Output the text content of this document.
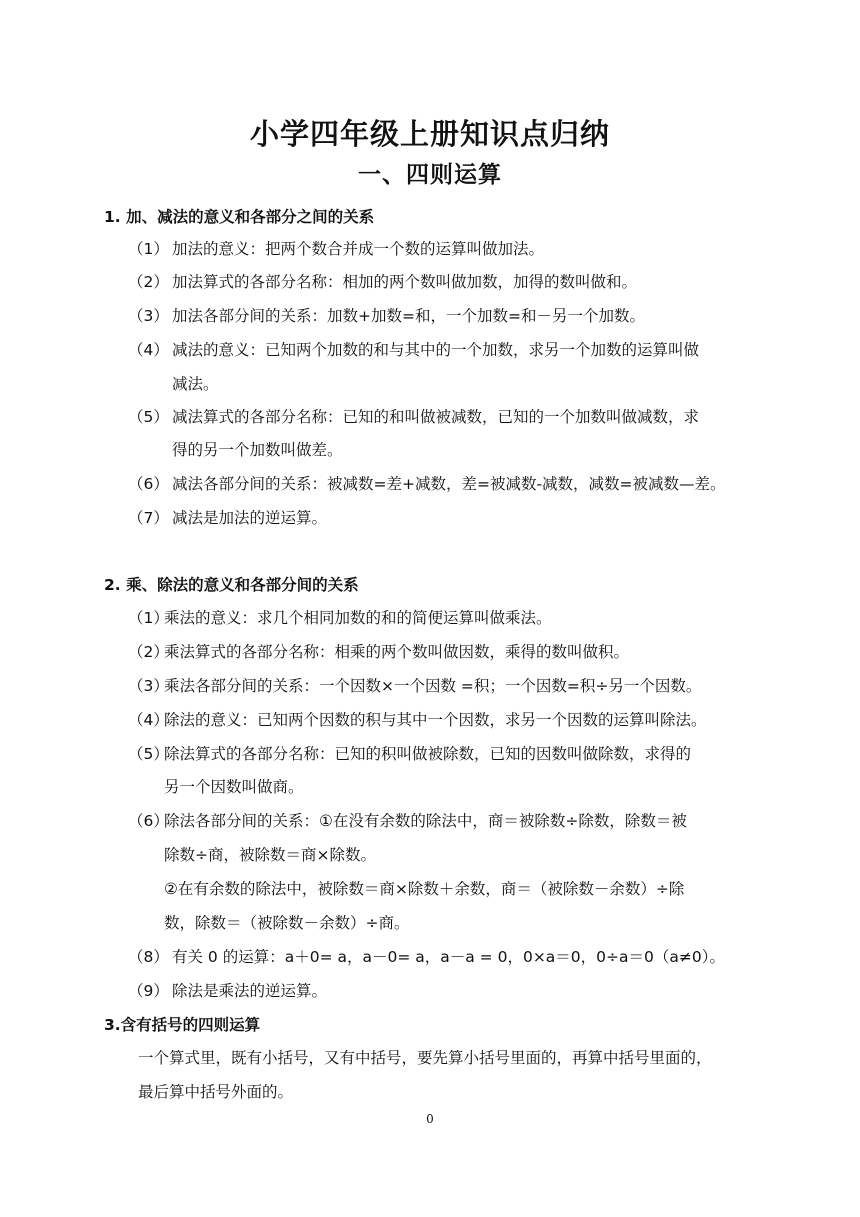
小学四年级上册知识点归纳
一、四则运算
1. 加、减法的意义和各部分之间的关系
（1） 加法的意义：把两个数合并成一个数的运算叫做加法。
（2） 加法算式的各部分名称：相加的两个数叫做加数，加得的数叫做和。
（3） 加法各部分间的关系：加数+加数=和，一个加数=和－另一个加数。
（4） 减法的意义：已知两个加数的和与其中的一个加数，求另一个加数的运算叫做
减法。
（5） 减法算式的各部分名称：已知的和叫做被减数，已知的一个加数叫做减数，求
得的另一个加数叫做差。
（6） 减法各部分间的关系：被减数=差+减数，差=被减数-减数，减数=被减数—差。
（7） 减法是加法的逆运算。
2. 乘、除法的意义和各部分间的关系
（1）乘法的意义：求几个相同加数的和的简便运算叫做乘法。
（2）乘法算式的各部分名称：相乘的两个数叫做因数，乘得的数叫做积。
（3）乘法各部分间的关系：一个因数×一个因数 =积；一个因数=积÷另一个因数。
（4）除法的意义：已知两个因数的积与其中一个因数，求另一个因数的运算叫除法。
（5）除法算式的各部分名称：已知的积叫做被除数，已知的因数叫做除数，求得的
另一个因数叫做商。
（6）除法各部分间的关系：①在没有余数的除法中，商＝被除数÷除数，除数＝被
除数÷商，被除数＝商×除数。
②在有余数的除法中，被除数＝商×除数＋余数，商＝（被除数－余数）÷除
数，除数＝（被除数－余数）÷商。
（8） 有关 0 的运算：a＋0= a，a－0= a，a－a = 0，0×a＝0，0÷a＝0（a≠0）。
（9） 除法是乘法的逆运算。
3.含有括号的四则运算
一个算式里，既有小括号，又有中括号，要先算小括号里面的，再算中括号里面的，
最后算中括号外面的。
0
